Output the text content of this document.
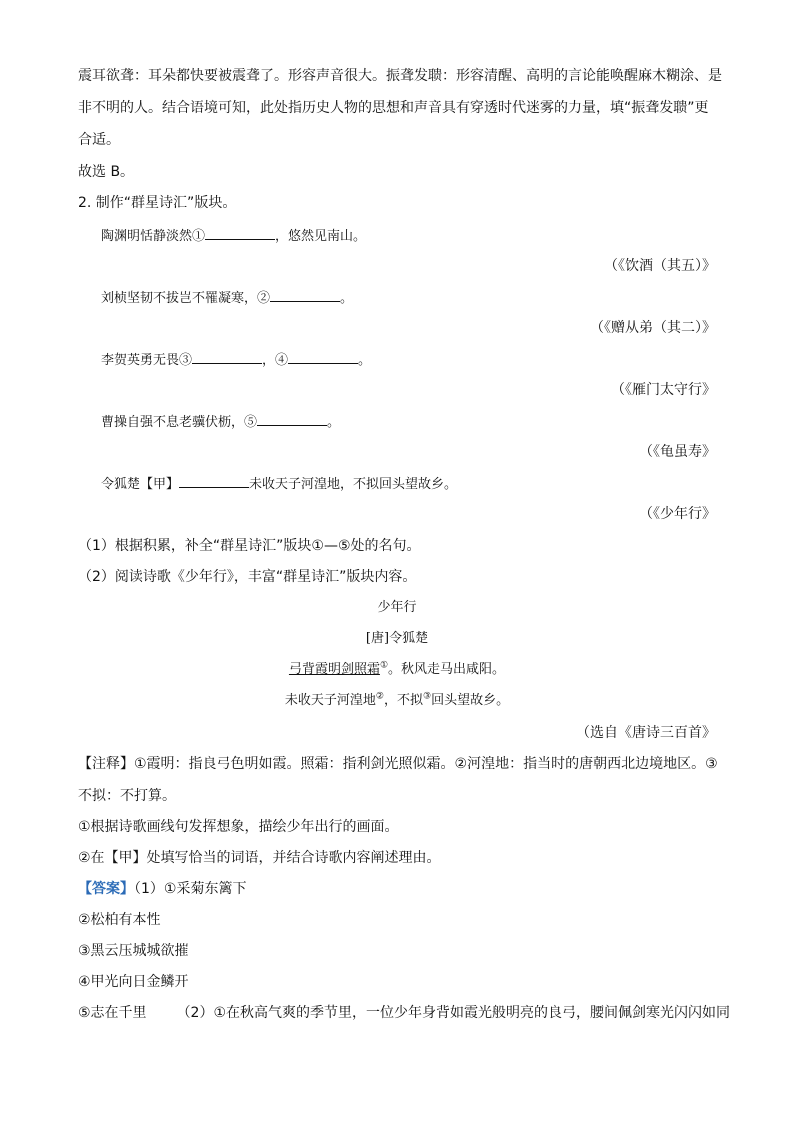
震耳欲聋：耳朵都快要被震聋了。形容声音很大。振聋发聩：形容清醒、高明的言论能唤醒麻木糊涂、是
非不明的人。结合语境可知，此处指历史人物的思想和声音具有穿透时代迷雾的力量，填“振聋发聩”更
合适。
故选 B。
2. 制作“群星诗汇”版块。
陶渊明恬静淡然①	，悠然见南山。
（《饮酒（其五）》
刘桢坚韧不拔岂不罹凝寒，②	。
（《赠从弟（其二）》
李贺英勇无畏③	，④	。
（《雁门太守行》
曹操自强不息老骥伏枥，⑤	。
（《龟虽寿》
令狐楚【甲】	未收天子河湟地，不拟回头望故乡。
（《少年行》
（1）根据积累，补全“群星诗汇”版块①—⑤处的名句。
（2）阅读诗歌《少年行》，丰富“群星诗汇”版块内容。
少年行
[唐]令狐楚
弓背霞明剑照霜①。秋风走马出咸阳。
未收天子河湟地②，不拟③回头望故乡。
（选自《唐诗三百首》
【注释】①霞明：指良弓色明如霞。照霜：指利剑光照似霜。②河湟地：指当时的唐朝西北边境地区。③
不拟：不打算。
①根据诗歌画线句发挥想象，描绘少年出行的画面。
②在【甲】处填写恰当的词语，并结合诗歌内容阐述理由。
【答案】（1）①采菊东篱下
②松柏有本性
③黑云压城城欲摧
④甲光向日金鳞开
⑤志在千里 （2）①在秋高气爽的季节里，一位少年身背如霞光般明亮的良弓，腰间佩剑寒光闪闪如同
